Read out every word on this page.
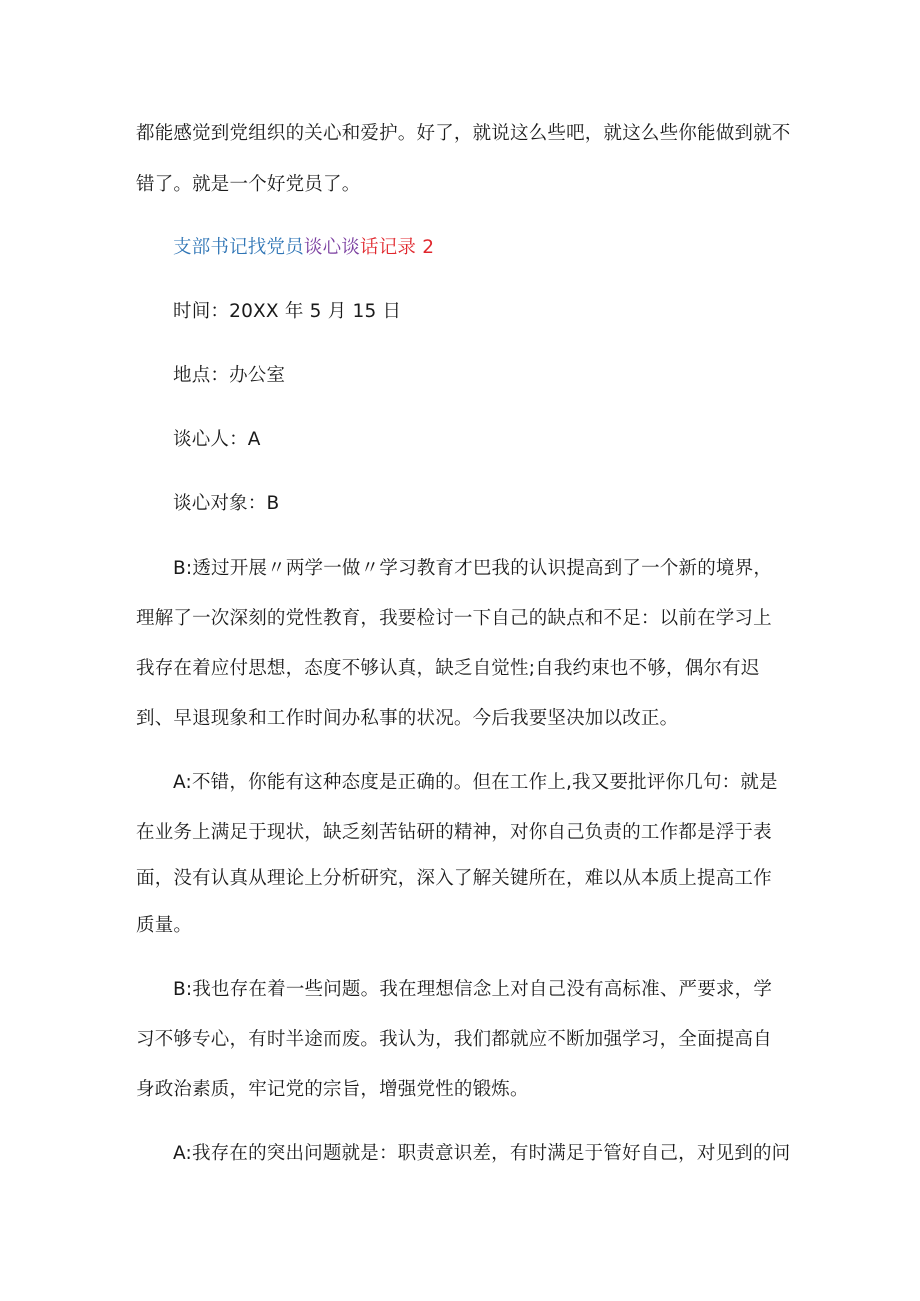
都能感觉到党组织的关心和爱护。好了，就说这么些吧，就这么些你能做到就不
错了。就是一个好党员了。
支部书记找党员谈心谈话记录 2
时间：20XX 年 5 月 15 日
地点：办公室
谈心人：A
谈心对象：B
B:透过开展〃两学一做〃学习教育才巴我的认识提高到了一个新的境界，
理解了一次深刻的党性教育，我要检讨一下自己的缺点和不足：以前在学习上
我存在着应付思想，态度不够认真，缺乏自觉性;自我约束也不够，偶尔有迟
到、早退现象和工作时间办私事的状况。今后我要坚决加以改正。
A:不错，你能有这种态度是正确的。但在工作上,我又要批评你几句：就是
在业务上满足于现状，缺乏刻苦钻研的精神，对你自己负责的工作都是浮于表
面，没有认真从理论上分析研究，深入了解关键所在，难以从本质上提高工作
质量。
B:我也存在着一些问题。我在理想信念上对自己没有高标准、严要求，学
习不够专心，有时半途而废。我认为，我们都就应不断加强学习，全面提高自
身政治素质，牢记党的宗旨，增强党性的锻炼。
A:我存在的突出问题就是：职责意识差，有时满足于管好自己，对见到的问
